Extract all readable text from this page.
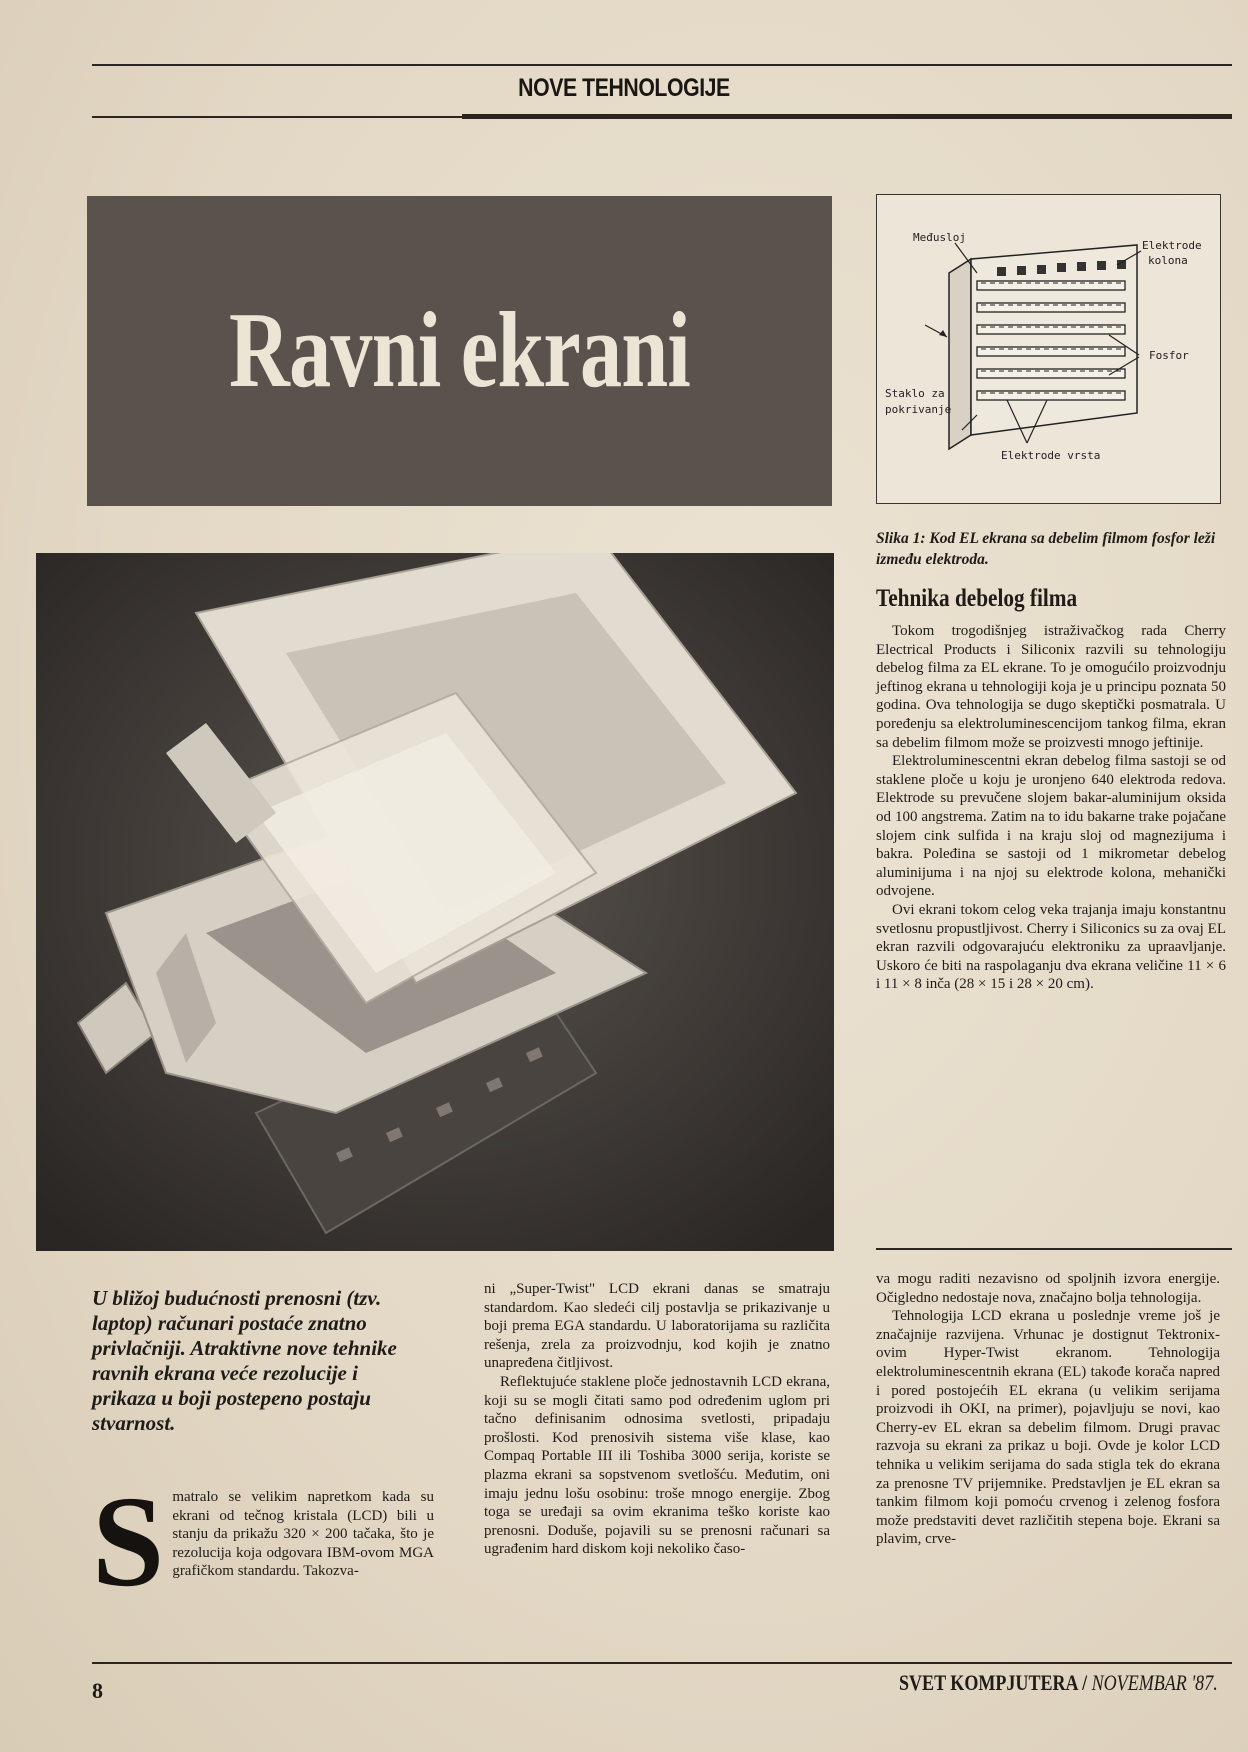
NOVE TEHNOLOGIJE
Ravni ekrani
Međusloj
Elektrode
kolona
Fosfor
Staklo za
pokrivanje
Elektrode vrsta
Slika 1: Kod EL ekrana sa debelim filmom fosfor leži između elektroda.
Tehnika debelog filma

Tokom trogodišnjeg istraživačkog rada Cherry Electrical Products i Siliconix razvili su tehnologiju debelog filma za EL ekrane. To je omogućilo proizvodnju jeftinog ekrana u tehnologiji koja je u principu poznata 50 godina. Ova tehnologija se dugo skeptički posmatrala. U poređenju sa elektroluminescencijom tankog filma, ekran sa debelim filmom može se proizvesti mnogo jeftinije.

Elektroluminescentni ekran debelog filma sastoji se od staklene ploče u koju je uronjeno 640 elektroda redova. Elektrode su prevučene slojem bakar-aluminijum oksida od 100 angstrema. Zatim na to idu bakarne trake pojačane slojem cink sulfida i na kraju sloj od magnezijuma i bakra. Poleđina se sastoji od 1 mikrometar debelog aluminijuma i na njoj su elektrode kolona, mehanički odvojene.

Ovi ekrani tokom celog veka trajanja imaju konstantnu svetlosnu propustljivost. Cherry i Siliconics su za ovaj EL ekran razvili odgovarajuću elektroniku za upraavljanje. Uskoro će biti na raspolaganju dva ekrana veličine 11 × 6 i 11 × 8 inča (28 × 15 i 28 × 20 cm).

U bližoj budućnosti prenosni (tzv. laptop) računari postaće znatno privlačniji. Atraktivne nove tehnike ravnih ekrana veće rezolucije i prikaza u boji postepeno postaju stvarnost.

Smatralo se velikim napretkom kada su ekrani od tečnog kristala (LCD) bili u stanju da prikažu 320 × 200 tačaka, što je rezolucija koja odgovara IBM-ovom MGA grafičkom standardu. Takozva-

ni „Super-Twist" LCD ekrani danas se smatraju standardom. Kao sledeći cilj postavlja se prikazivanje u boji prema EGA standardu. U laboratorijama su različita rešenja, zrela za proizvodnju, kod kojih je znatno unapređena čitljivost.

Reflektujuće staklene ploče jednostavnih LCD ekrana, koji su se mogli čitati samo pod određenim uglom pri tačno definisanim odnosima svetlosti, pripadaju prošlosti. Kod prenosivih sistema više klase, kao Compaq Portable III ili Toshiba 3000 serija, koriste se plazma ekrani sa sopstvenom svetlošću. Međutim, oni imaju jednu lošu osobinu: troše mnogo energije. Zbog toga se uređaji sa ovim ekranima teško koriste kao prenosni. Doduše, pojavili su se prenosni računari sa ugrađenim hard diskom koji nekoliko časo-

va mogu raditi nezavisno od spoljnih izvora energije. Očigledno nedostaje nova, značajno bolja tehnologija.

Tehnologija LCD ekrana u poslednje vreme još je značajnije razvijena. Vrhunac je dostignut Tektronix-ovim Hyper-Twist ekranom. Tehnologija elektroluminescentnih ekrana (EL) takođe korača napred i pored postojećih EL ekrana (u velikim serijama proizvodi ih OKI, na primer), pojavljuju se novi, kao Cherry-ev EL ekran sa debelim filmom. Drugi pravac razvoja su ekrani za prikaz u boji. Ovde je kolor LCD tehnika u velikim serijama do sada stigla tek do ekrana za prenosne TV prijemnike. Predstavljen je EL ekran sa tankim filmom koji pomoću crvenog i zelenog fosfora može predstaviti devet različitih stepena boje. Ekrani sa plavim, crve-

8	SVET KOMPJUTERA / NOVEMBAR '87.
